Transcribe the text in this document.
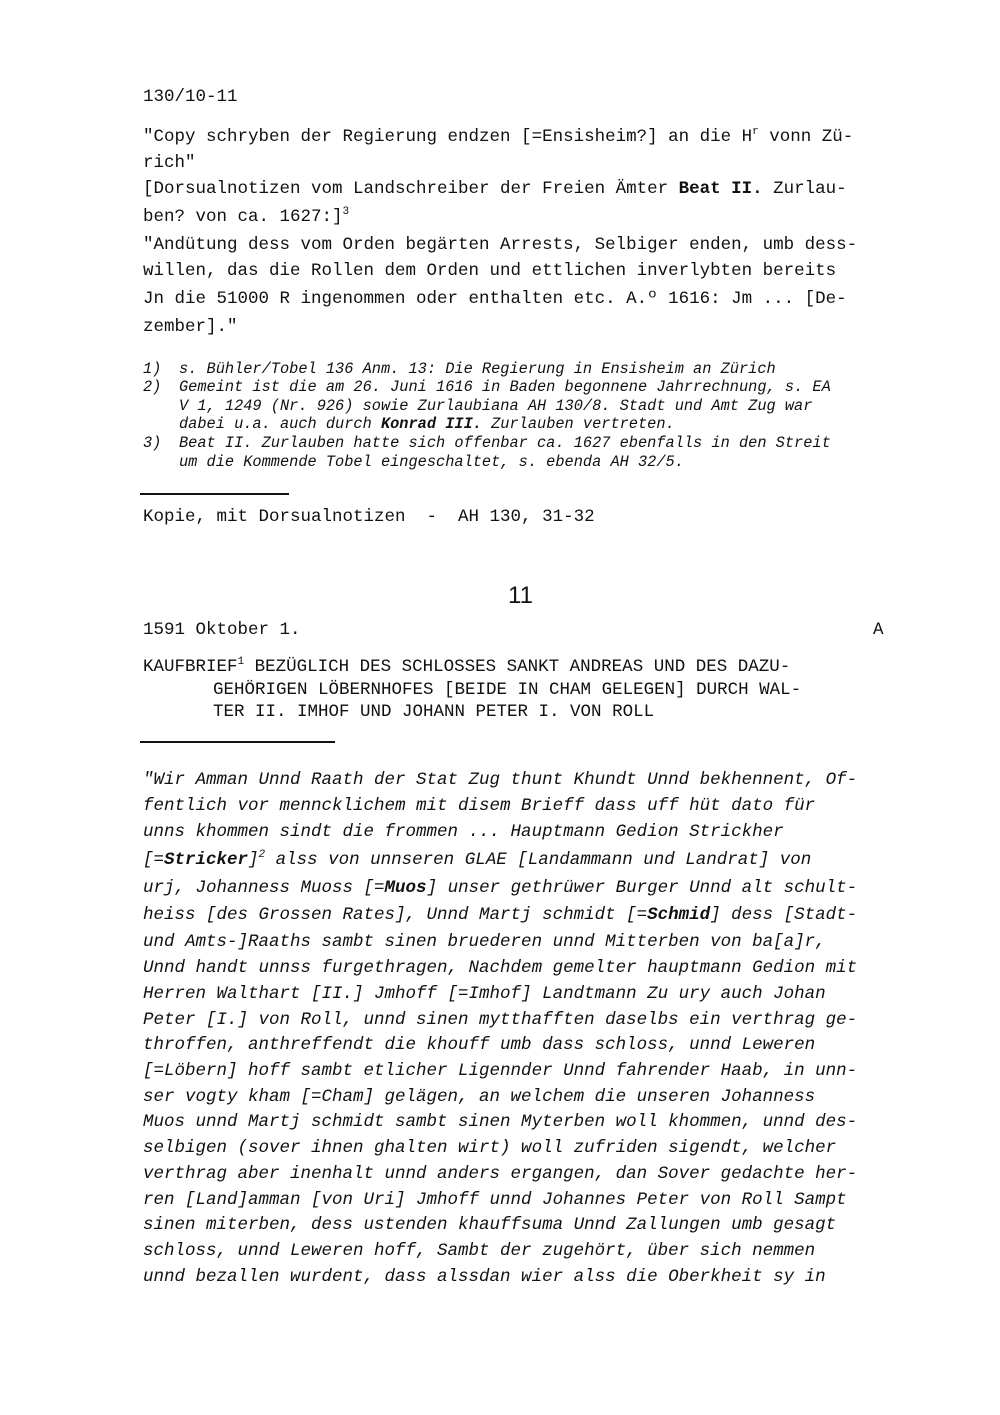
130/10-11
"Copy schryben der Regierung endzen [=Ensisheim?] an die $H^r$ vonn Zü-
rich"
[Dorsualnotizen vom Landschreiber der Freien Ämter Beat II. Zurlau-
ben? von ca. 1627:]$^3$
"Andütung dess vom Orden begärten Arrests, Selbiger enden, umb dess-
willen, das die Rollen dem Orden und ettlichen inverlybten bereits
Jn die 51000 R ingenommen oder enthalten etc. A.º 1616: Jm ... [De-
zember]."
1) s. Bühler/Tobel 136 Anm. 13: Die Regierung in Ensisheim an Zürich
2) Gemeint ist die am 26. Juni 1616 in Baden begonnene Jahrrechnung, s. EA
V 1, 1249 (Nr. 926) sowie Zurlaubiana AH 130/8. Stadt und Amt Zug war
dabei u.a. auch durch Konrad III. Zurlauben vertreten.
3) Beat II. Zurlauben hatte sich offenbar ca. 1627 ebenfalls in den Streit
um die Kommende Tobel eingeschaltet, s. ebenda AH 32/5.
Kopie, mit Dorsualnotizen  -  AH 130, 31-32
11
1591 Oktober 1.	A
KAUFBRIEF$^1$ BEZÜGLICH DES SCHLOSSES SANKT ANDREAS UND DES DAZU-
GEHÖRIGEN LÖBERNHOFES [BEIDE IN CHAM GELEGEN] DURCH WAL-
TER II. IMHOF UND JOHANN PETER I. VON ROLL
"Wir Amman Unnd Raath der Stat Zug thunt Khundt Unnd bekhennent, Of-
fentlich vor menncklichem mit disem Brieff dass uff hüt dato für
unns khommen sindt die frommen ... Hauptmann Gedion Strickher
[=Stricker]$^2$ alss von unnseren GLAE [Landammann und Landrat] von
urj, Johanness Muoss [=Muos] unser gethrüwer Burger Unnd alt schult-
heiss [des Grossen Rates], Unnd Martj schmidt [=Schmid] dess [Stadt-
und Amts-]Raaths sambt sinen bruederen unnd Mitterben von ba[a]r,
Unnd handt unnss furgethragen, Nachdem gemelter hauptmann Gedion mit
Herren Walthart [II.] Jmhoff [=Imhof] Landtmann Zu ury auch Johan
Peter [I.] von Roll, unnd sinen mytthafften daselbs ein verthrag ge-
throffen, anthreffendt die khouff umb dass schloss, unnd Leweren
[=Löbern] hoff sambt etlicher Ligennder Unnd fahrender Haab, in unn-
ser vogty kham [=Cham] gelägen, an welchem die unseren Johanness
Muos unnd Martj schmidt sambt sinen Myterben woll khommen, unnd des-
selbigen (sover ihnen ghalten wirt) woll zufriden sigendt, welcher
verthrag aber inenhalt unnd anders ergangen, dan Sover gedachte her-
ren [Land]amman [von Uri] Jmhoff unnd Johannes Peter von Roll Sampt
sinen miterben, dess ustenden khauffsuma Unnd Zallungen umb gesagt
schloss, unnd Leweren hoff, Sambt der zugehört, über sich nemmen
unnd bezallen wurdent, dass alssdan wier alss die Oberkheit sy in
